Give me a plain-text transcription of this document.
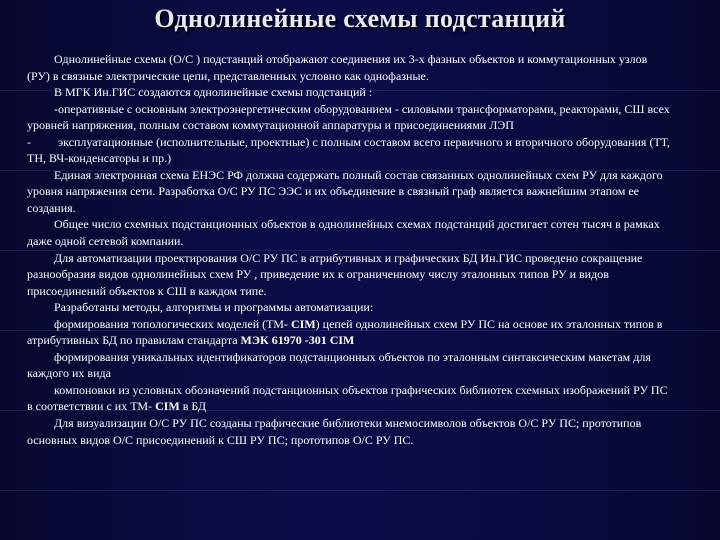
Однолинейные схемы подстанций

Однолинейные схемы (О/С ) подстанций отображают соединения их 3-х фазных объектов и коммутационных узлов (РУ) в связные электрические цепи, представленных условно как однофазные.

В МГК Ин.ГИС создаются однолинейные схемы подстанций :

-оперативные с основным электроэнергетическим оборудованием - силовыми трансформаторами, реакторами, СШ всех уровней напряжения, полным составом коммутационной аппаратуры и присоединениями ЛЭП

- эксплуатационные (исполнительные, проектные) с полным составом всего первичного и вторичного оборудования (ТТ, ТН, ВЧ-конденсаторы и пр.)

Единая электронная схема ЕНЭС РФ должна содержать полный состав связанных однолинейных схем РУ для каждого уровня напряжения сети. Разработка О/С РУ ПС ЭЭС и их объединение в связный граф является важнейшим этапом ее создания.

Общее число схемных подстанционных объектов в однолинейных схемах подстанций достигает сотен тысяч в рамках даже одной сетевой компании.

Для автоматизации проектирования О/С РУ ПС в атрибутивных и графических БД Ин.ГИС проведено сокращение разнообразия видов однолинейных схем РУ , приведение их к ограниченному числу эталонных типов РУ и видов присоединений объектов к СШ в каждом типе.

Разработаны методы, алгоритмы и программы автоматизации:

формирования топологических моделей (ТМ- CIM) цепей однолинейных схем РУ ПС на основе их эталонных типов в атрибутивных БД по правилам стандарта МЭК 61970 -301 CIM

формирования уникальных идентификаторов подстанционных объектов по эталонным синтаксическим макетам для каждого их вида

компоновки из условных обозначений подстанционных объектов графических библиотек схемных изображений РУ ПС в соответствии с их ТМ- CIM в БД

Для визуализации О/С РУ ПС созданы графические библиотеки мнемосимволов объектов О/С РУ ПС; прототипов основных видов О/С присоединений к СШ РУ ПС; прототипов О/С РУ ПС.
